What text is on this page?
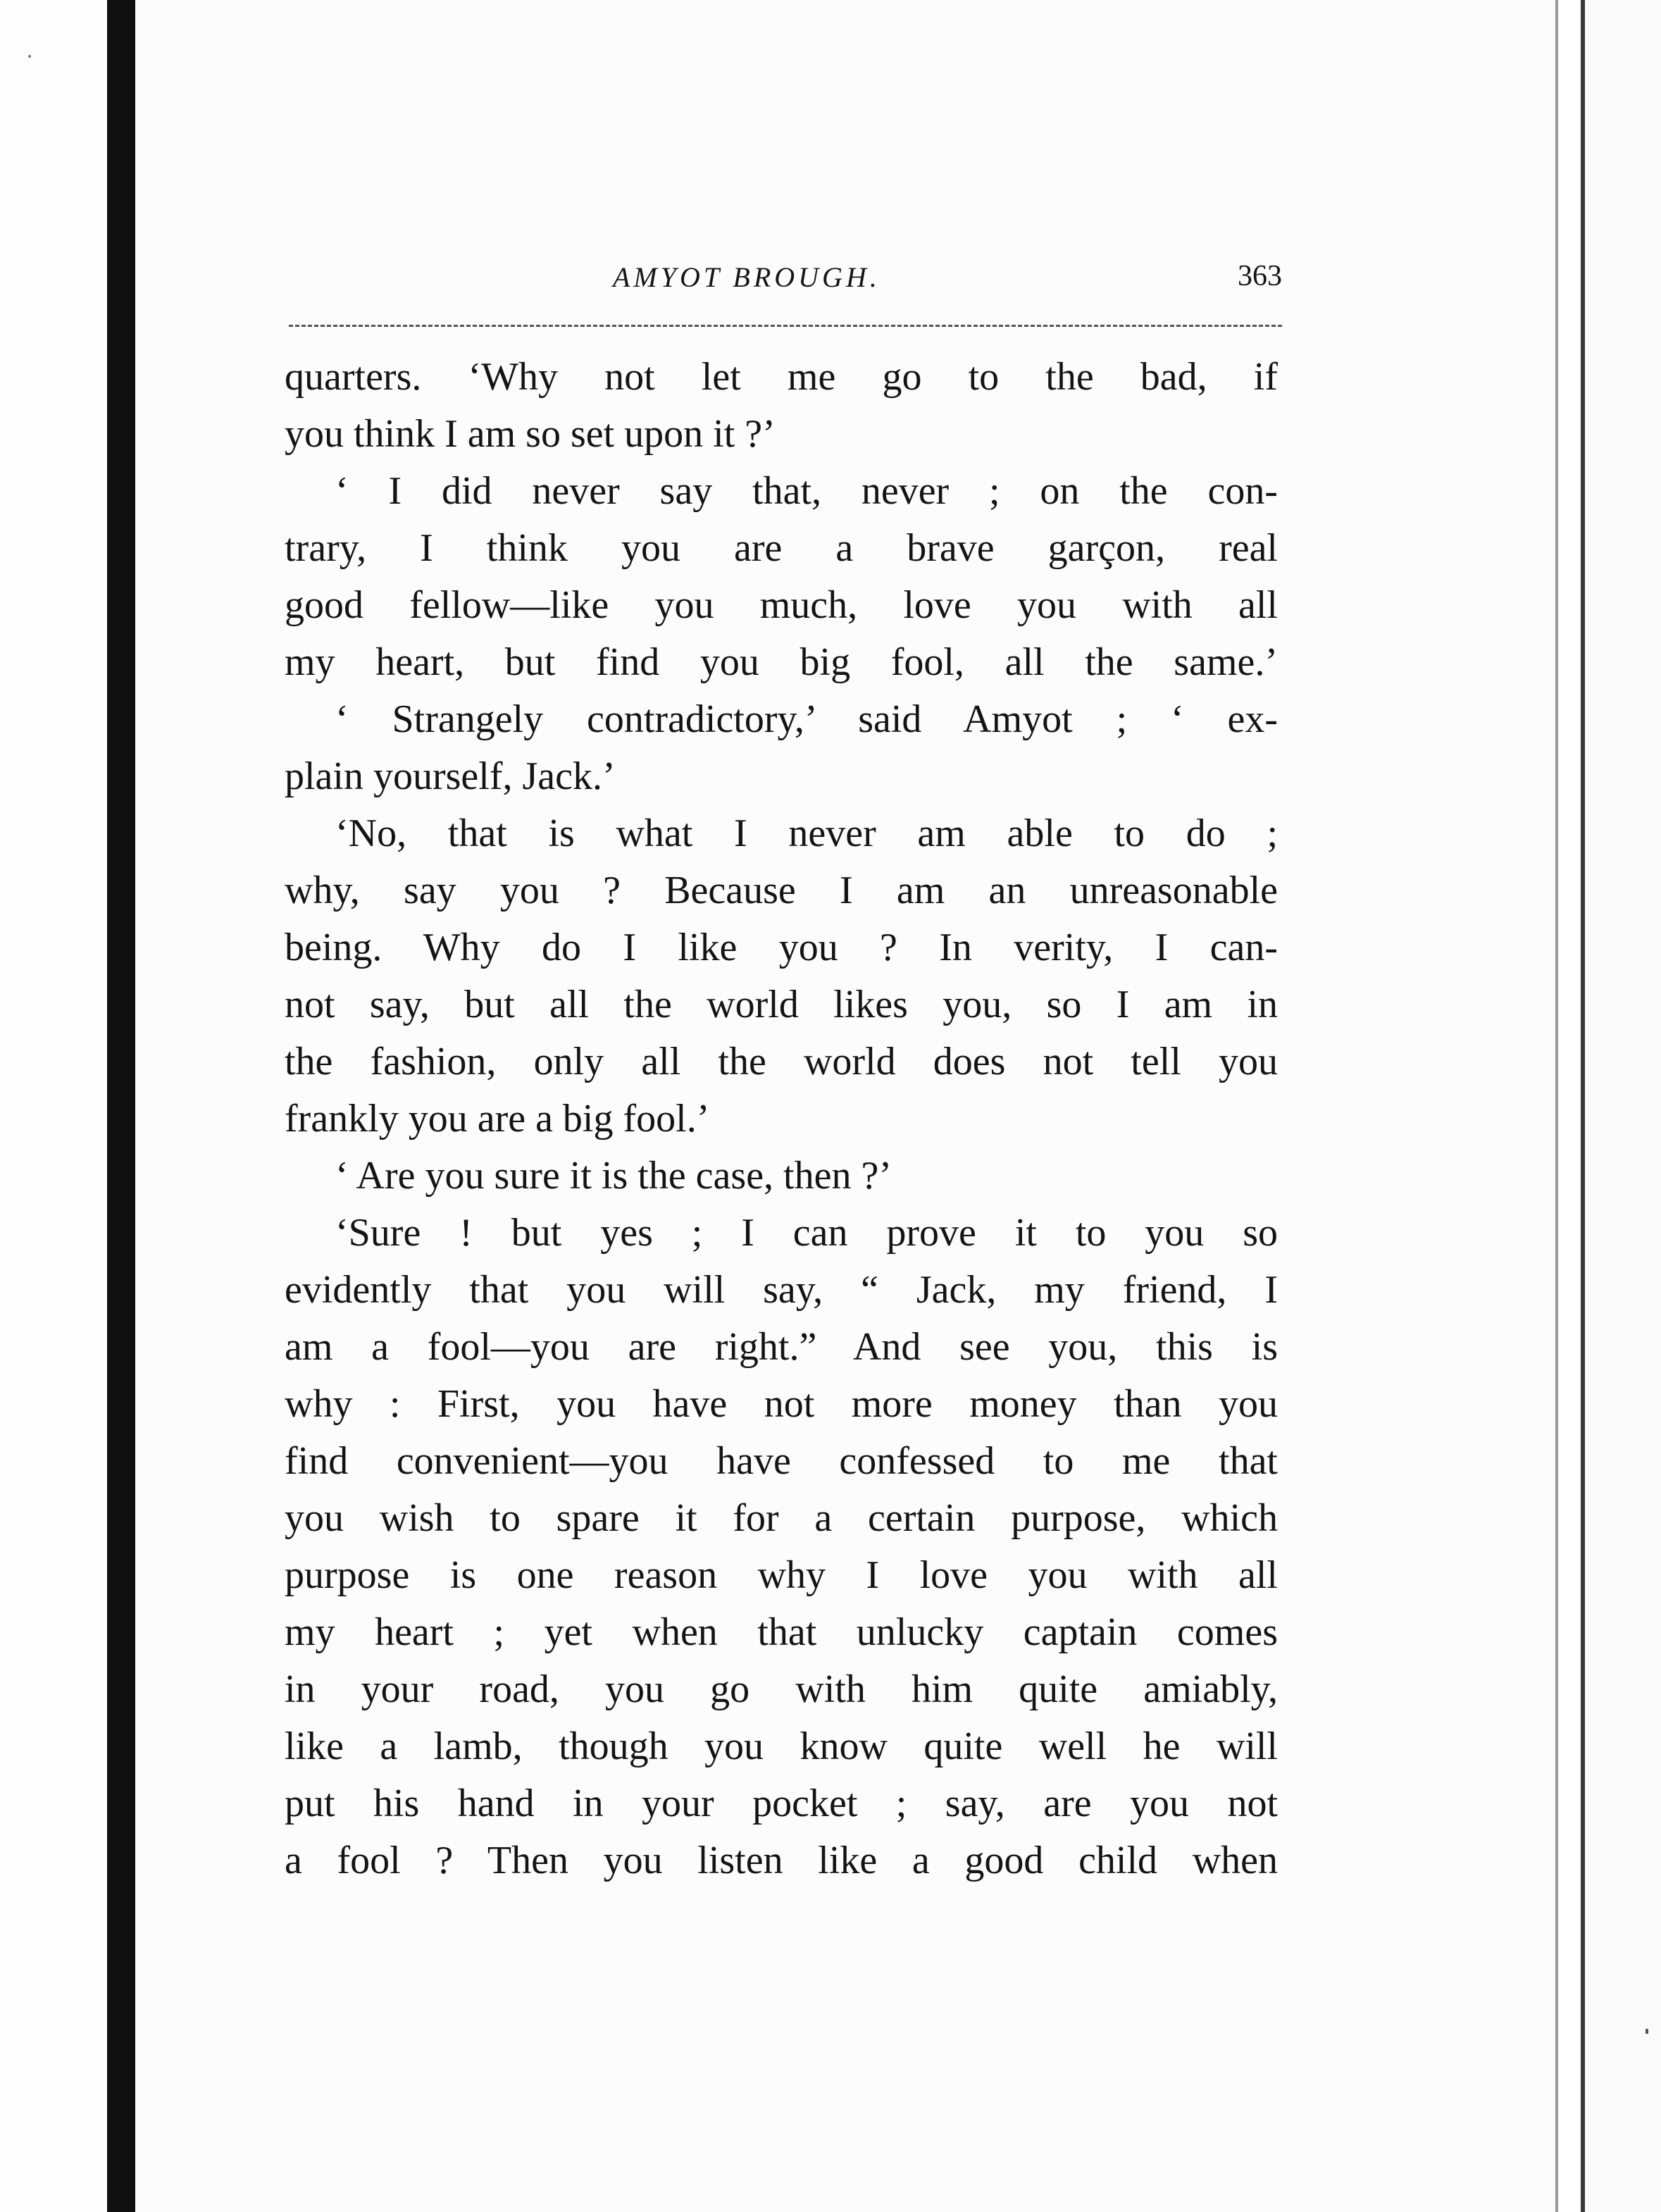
AMYOT BROUGH.	363
quarters. ‘Why not let me go to the bad, if
you think I am so set upon it ?’
‘ I did never say that, never ; on the con-
trary, I think you are a brave garçon, real
good fellow—like you much, love you with all
my heart, but find you big fool, all the same.’
‘ Strangely contradictory,’ said Amyot ; ‘ ex-
plain yourself, Jack.’
‘No, that is what I never am able to do ;
why, say you ? Because I am an unreasonable
being. Why do I like you ? In verity, I can-
not say, but all the world likes you, so I am in
the fashion, only all the world does not tell you
frankly you are a big fool.’
‘ Are you sure it is the case, then ?’
‘Sure ! but yes ; I can prove it to you so
evidently that you will say, “ Jack, my friend, I
am a fool—you are right.” And see you, this is
why : First, you have not more money than you
find convenient—you have confessed to me that
you wish to spare it for a certain purpose, which
purpose is one reason why I love you with all
my heart ; yet when that unlucky captain comes
in your road, you go with him quite amiably,
like a lamb, though you know quite well he will
put his hand in your pocket ; say, are you not
a fool ? Then you listen like a good child when
